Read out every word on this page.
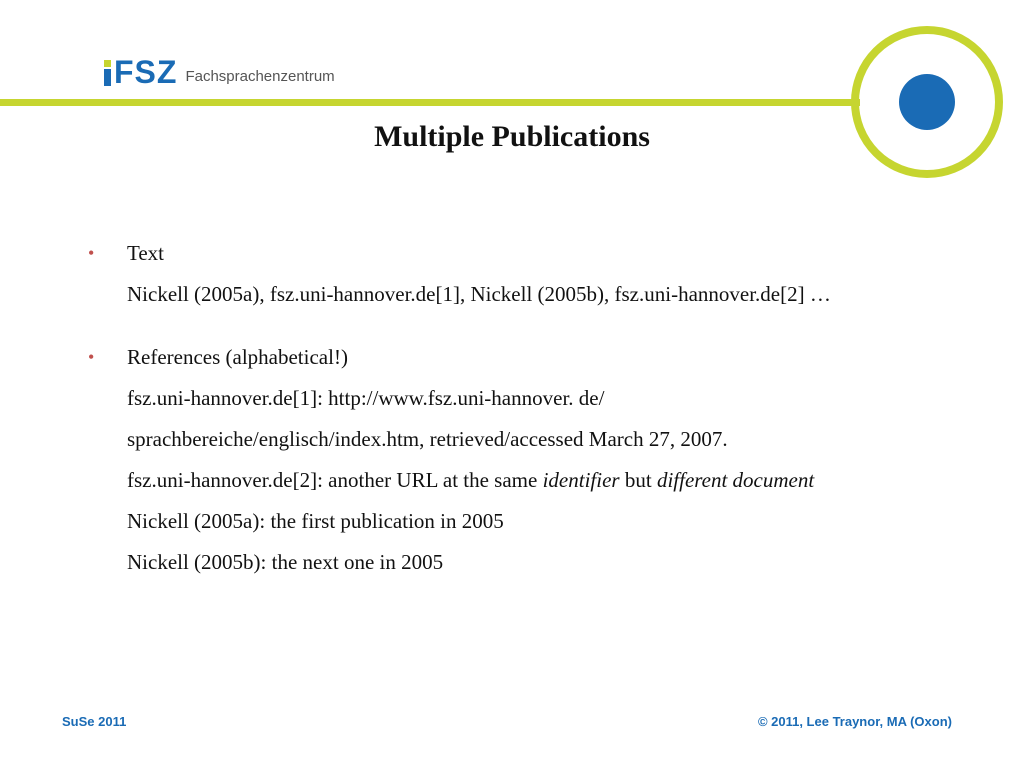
FSZ Fachsprachenzentrum
Multiple Publications
• Text
Nickell (2005a), fsz.uni-hannover.de[1], Nickell (2005b), fsz.uni-hannover.de[2] …
• References (alphabetical!)
fsz.uni-hannover.de[1]: http://www.fsz.uni-hannover. de/
sprachbereiche/englisch/index.htm, retrieved/accessed March 27, 2007.
fsz.uni-hannover.de[2]: another URL at the same identifier but different document
Nickell (2005a): the first publication in 2005
Nickell (2005b): the next one in 2005
SuSe 2011	© 2011, Lee Traynor, MA (Oxon)
